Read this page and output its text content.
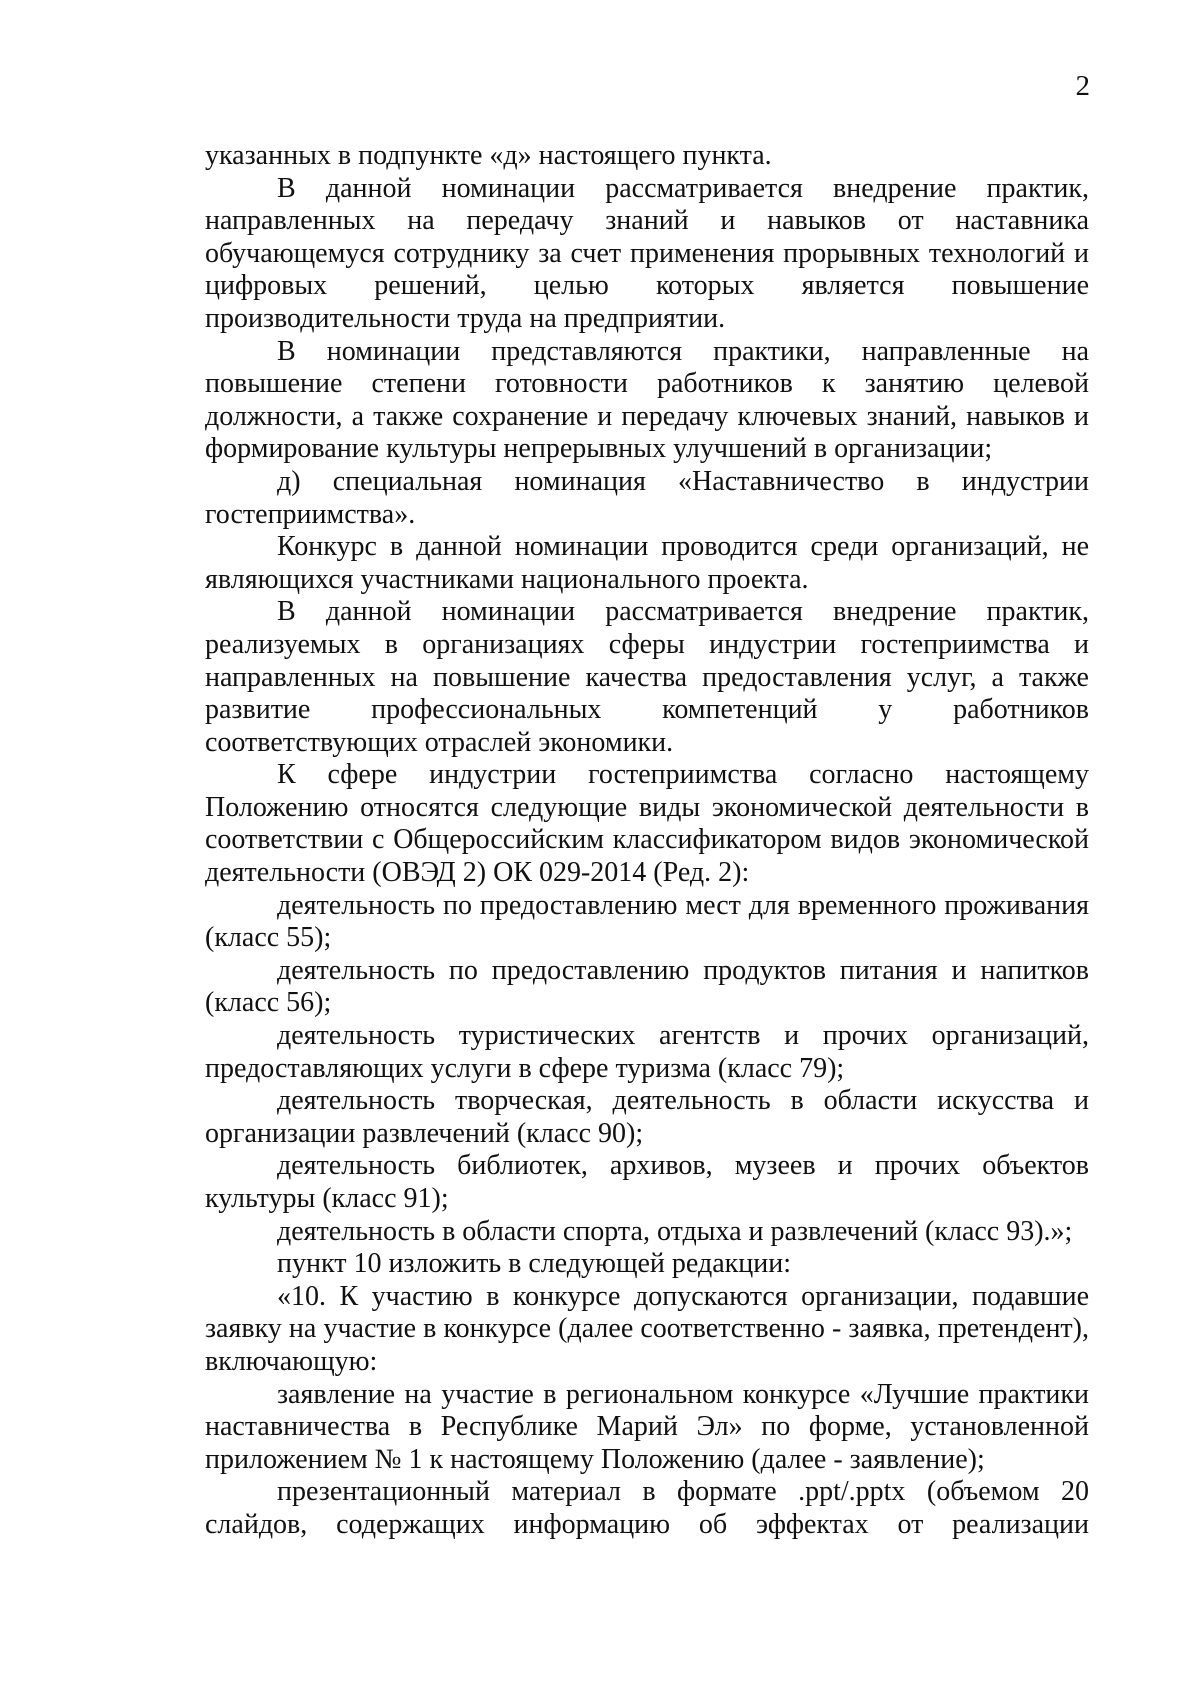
2

указанных в подпункте «д» настоящего пункта.

В данной номинации рассматривается внедрение практик, направленных на передачу знаний и навыков от наставника обучающемуся сотруднику за счет применения прорывных технологий и цифровых решений, целью которых является повышение производительности труда на предприятии.

В номинации представляются практики, направленные на повышение степени готовности работников к занятию целевой должности, а также сохранение и передачу ключевых знаний, навыков и формирование культуры непрерывных улучшений в организации;

д) специальная номинация «Наставничество в индустрии гостеприимства».

Конкурс в данной номинации проводится среди организаций, не являющихся участниками национального проекта.

В данной номинации рассматривается внедрение практик, реализуемых в организациях сферы индустрии гостеприимства и направленных на повышение качества предоставления услуг, а также развитие профессиональных компетенций у работников соответствующих отраслей экономики.

К сфере индустрии гостеприимства согласно настоящему Положению относятся следующие виды экономической деятельности в соответствии с Общероссийским классификатором видов экономической деятельности (ОВЭД 2) ОК 029-2014 (Ред. 2):

деятельность по предоставлению мест для временного проживания (класс 55);

деятельность по предоставлению продуктов питания и напитков (класс 56);

деятельность туристических агентств и прочих организаций, предоставляющих услуги в сфере туризма (класс 79);

деятельность творческая, деятельность в области искусства и организации развлечений (класс 90);

деятельность библиотек, архивов, музеев и прочих объектов культуры (класс 91);

деятельность в области спорта, отдыха и развлечений (класс 93).»;

пункт 10 изложить в следующей редакции:

«10. К участию в конкурсе допускаются организации, подавшие заявку на участие в конкурсе (далее соответственно - заявка, претендент), включающую:

заявление на участие в региональном конкурсе «Лучшие практики наставничества в Республике Марий Эл» по форме, установленной приложением № 1 к настоящему Положению (далее - заявление);

презентационный материал в формате .ppt/.pptx (объемом 20 слайдов, содержащих информацию об эффектах от реализации
